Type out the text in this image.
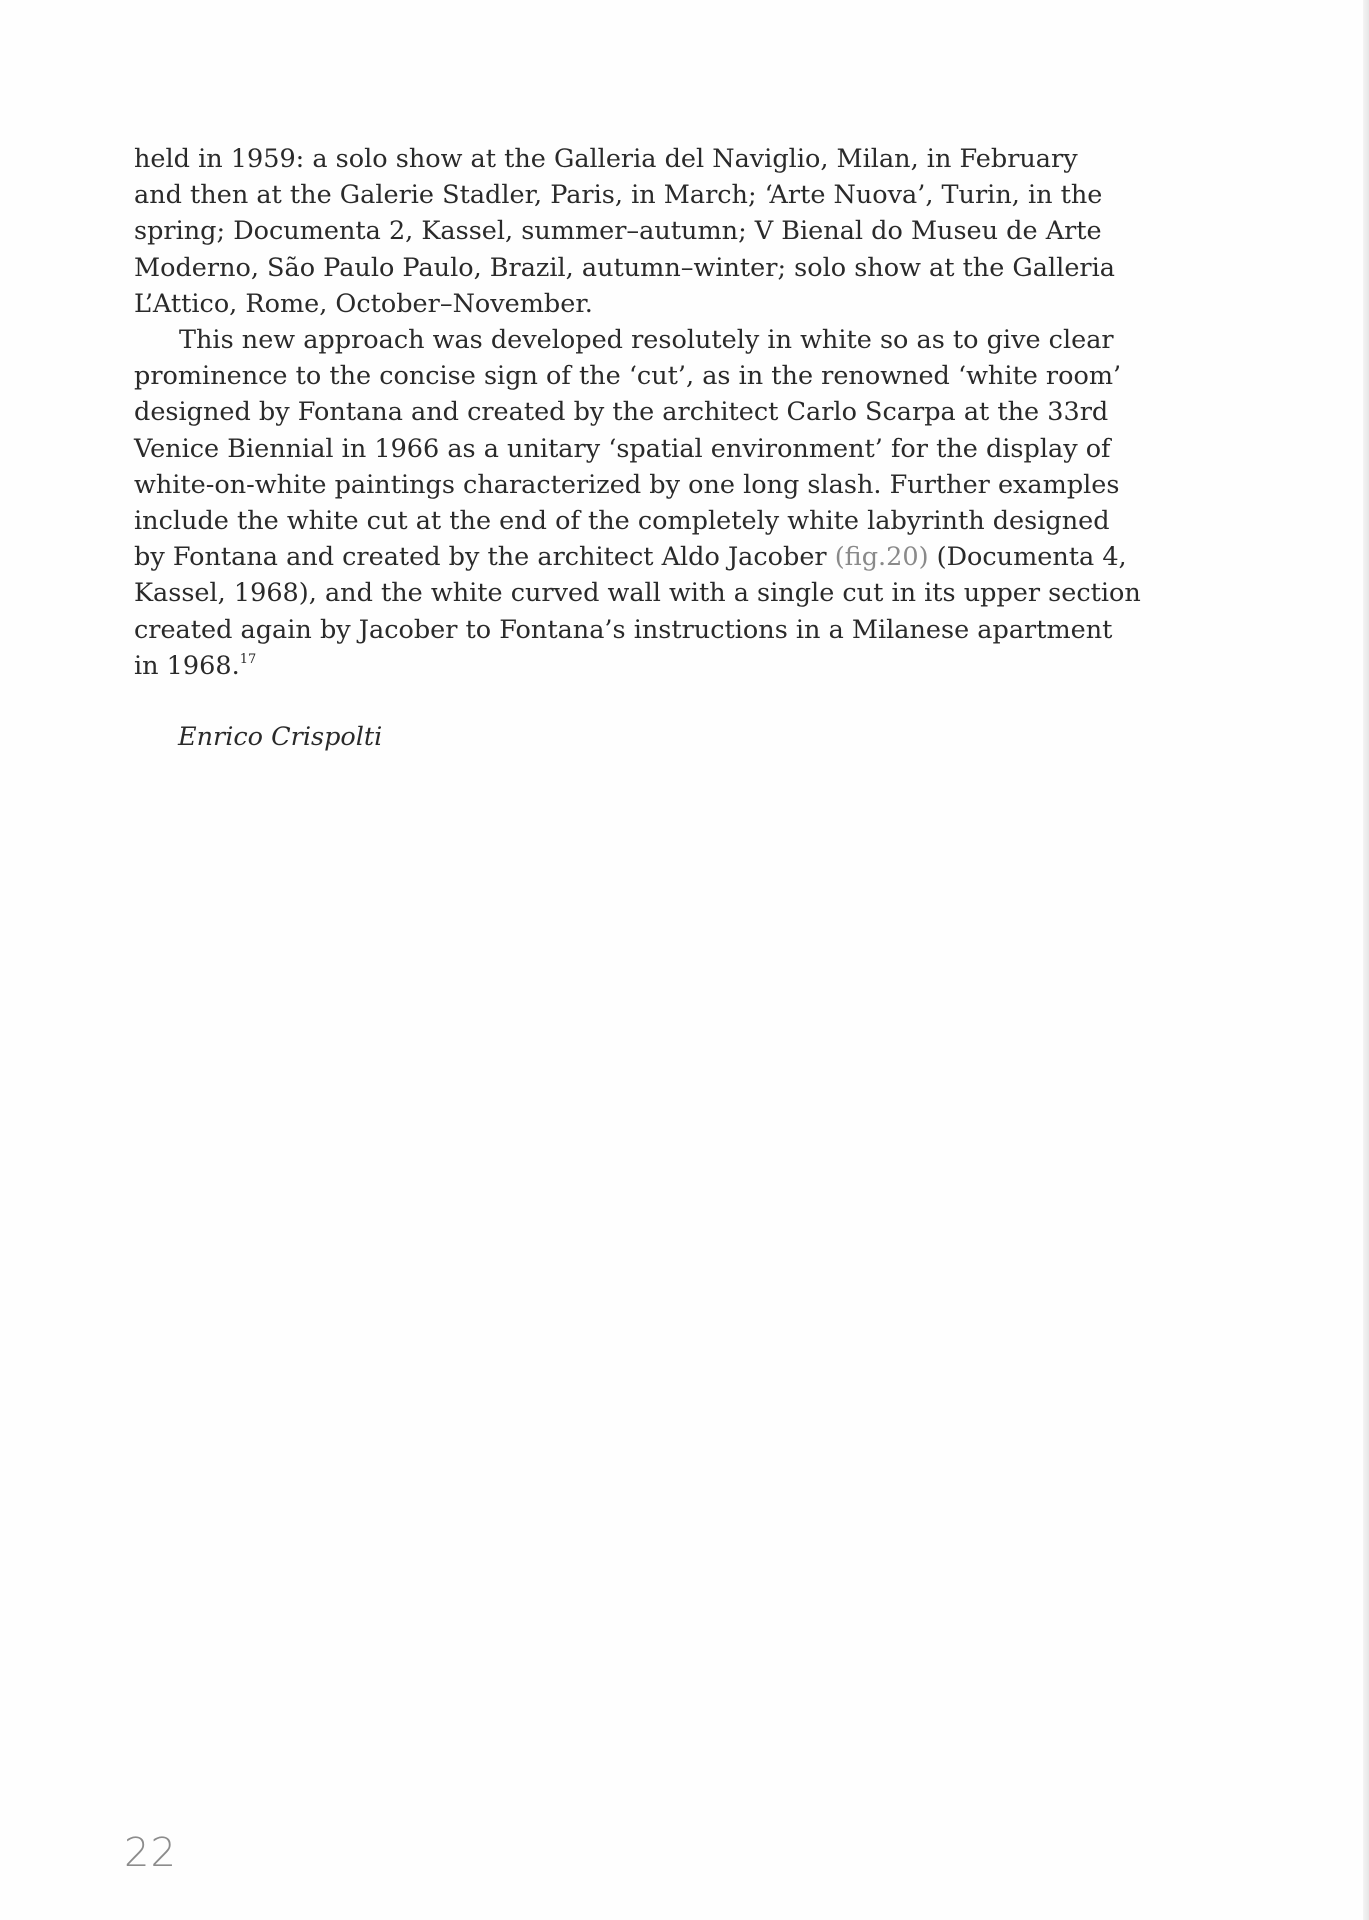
held in 1959: a solo show at the Galleria del Naviglio, Milan, in February
and then at the Galerie Stadler, Paris, in March; ‘Arte Nuova’, Turin, in the
spring; Documenta 2, Kassel, summer–autumn; V Bienal do Museu de Arte
Moderno, São Paulo Paulo, Brazil, autumn–winter; solo show at the Galleria
L’Attico, Rome, October–November.
This new approach was developed resolutely in white so as to give clear
prominence to the concise sign of the ‘cut’, as in the renowned ‘white room’
designed by Fontana and created by the architect Carlo Scarpa at the 33rd
Venice Biennial in 1966 as a unitary ‘spatial environment’ for the display of
white-on-white paintings characterized by one long slash. Further examples
include the white cut at the end of the completely white labyrinth designed
by Fontana and created by the architect Aldo Jacober (fig.20) (Documenta 4,
Kassel, 1968), and the white curved wall with a single cut in its upper section
created again by Jacober to Fontana’s instructions in a Milanese apartment
in 1968.17
Enrico Crispolti
22
